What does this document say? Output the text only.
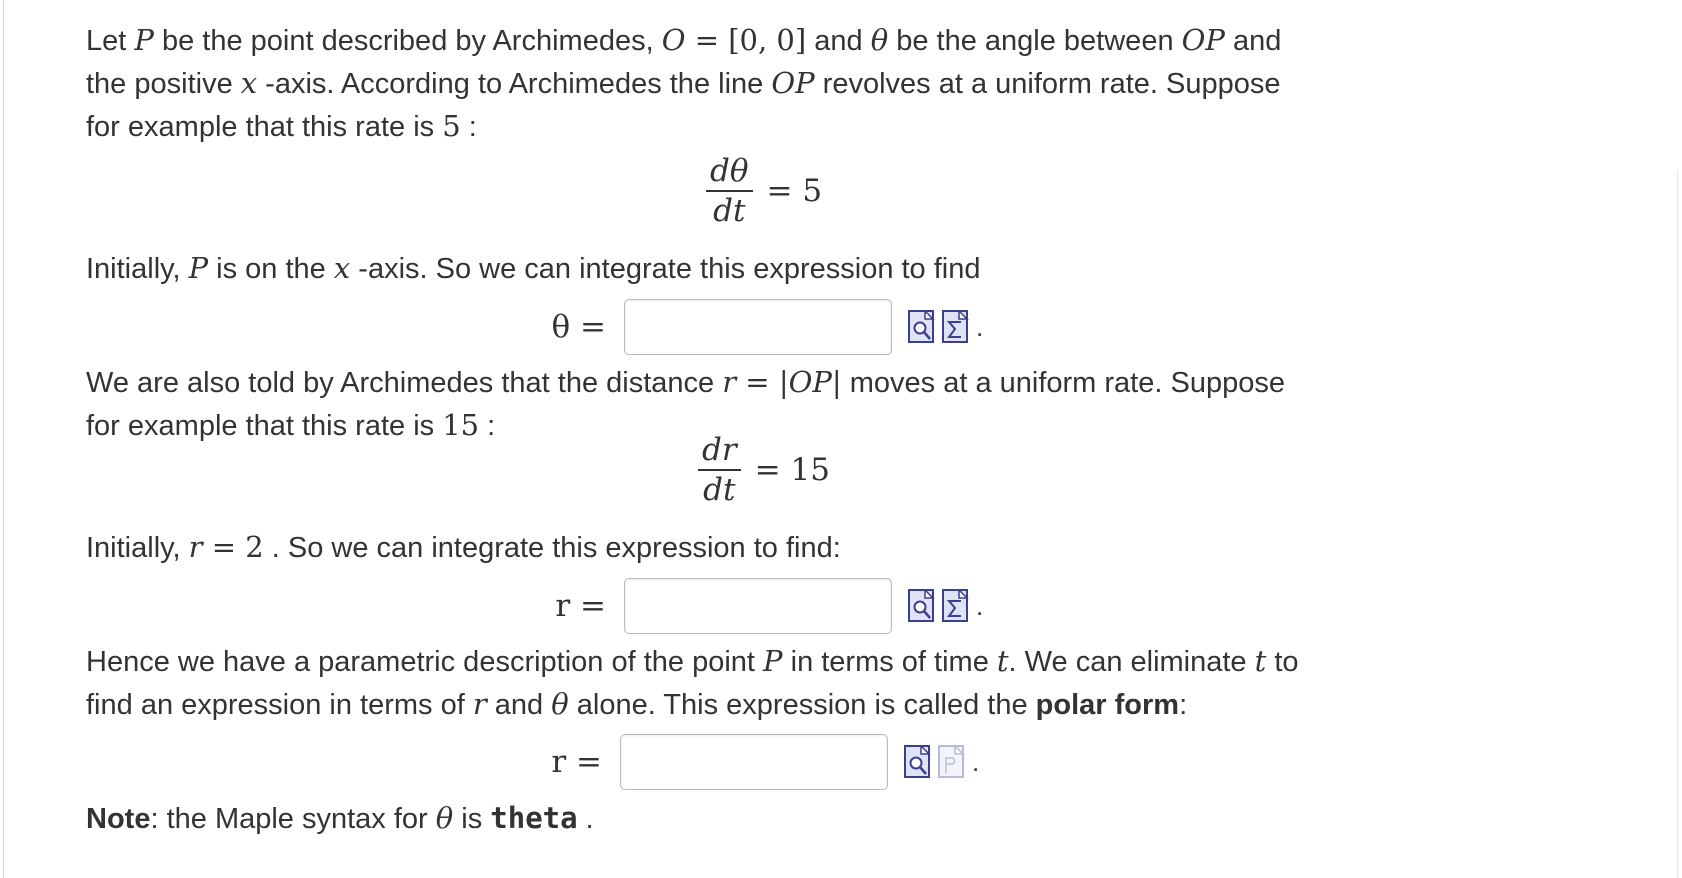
Let P be the point described by Archimedes, O = [0, 0] and θ be the angle between OP and
the positive x -axis. According to Archimedes the line OP revolves at a uniform rate. Suppose
for example that this rate is 5 :
$\frac{d\theta}{dt} = 5$
Initially, P is on the x -axis. So we can integrate this expression to find
θ =	.
We are also told by Archimedes that the distance r = |OP| moves at a uniform rate. Suppose
for example that this rate is 15 :
$\frac{dr}{dt} = 15$
Initially, r = 2 . So we can integrate this expression to find:
r =	.
Hence we have a parametric description of the point P in terms of time t. We can eliminate t to
find an expression in terms of r and θ alone. This expression is called the polar form:
r =	.
Note: the Maple syntax for θ is theta .
